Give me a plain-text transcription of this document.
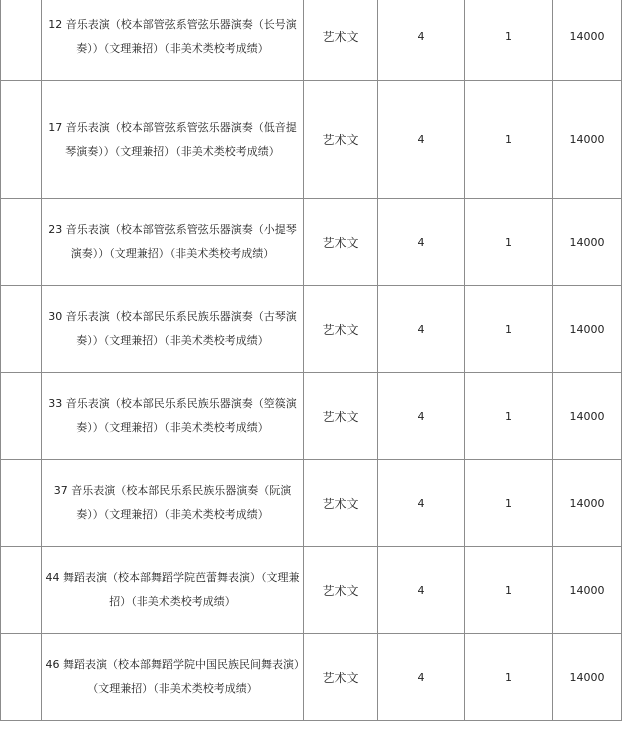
	12 音乐表演（校本部管弦系管弦乐器演奏（长号演奏））（文理兼招）（非美术类校考成绩）	艺术文	4	1	14000
	17 音乐表演（校本部管弦系管弦乐器演奏（低音提琴演奏））（文理兼招）（非美术类校考成绩）	艺术文	4	1	14000
	23 音乐表演（校本部管弦系管弦乐器演奏（小提琴演奏））（文理兼招）（非美术类校考成绩）	艺术文	4	1	14000
	30 音乐表演（校本部民乐系民族乐器演奏（古琴演奏））（文理兼招）（非美术类校考成绩）	艺术文	4	1	14000
	33 音乐表演（校本部民乐系民族乐器演奏（箜篌演奏））（文理兼招）（非美术类校考成绩）	艺术文	4	1	14000
	37 音乐表演（校本部民乐系民族乐器演奏（阮演奏））（文理兼招）（非美术类校考成绩）	艺术文	4	1	14000
	44 舞蹈表演（校本部舞蹈学院芭蕾舞表演）（文理兼招）（非美术类校考成绩）	艺术文	4	1	14000
	46 舞蹈表演（校本部舞蹈学院中国民族民间舞表演）（文理兼招）（非美术类校考成绩）	艺术文	4	1	14000
